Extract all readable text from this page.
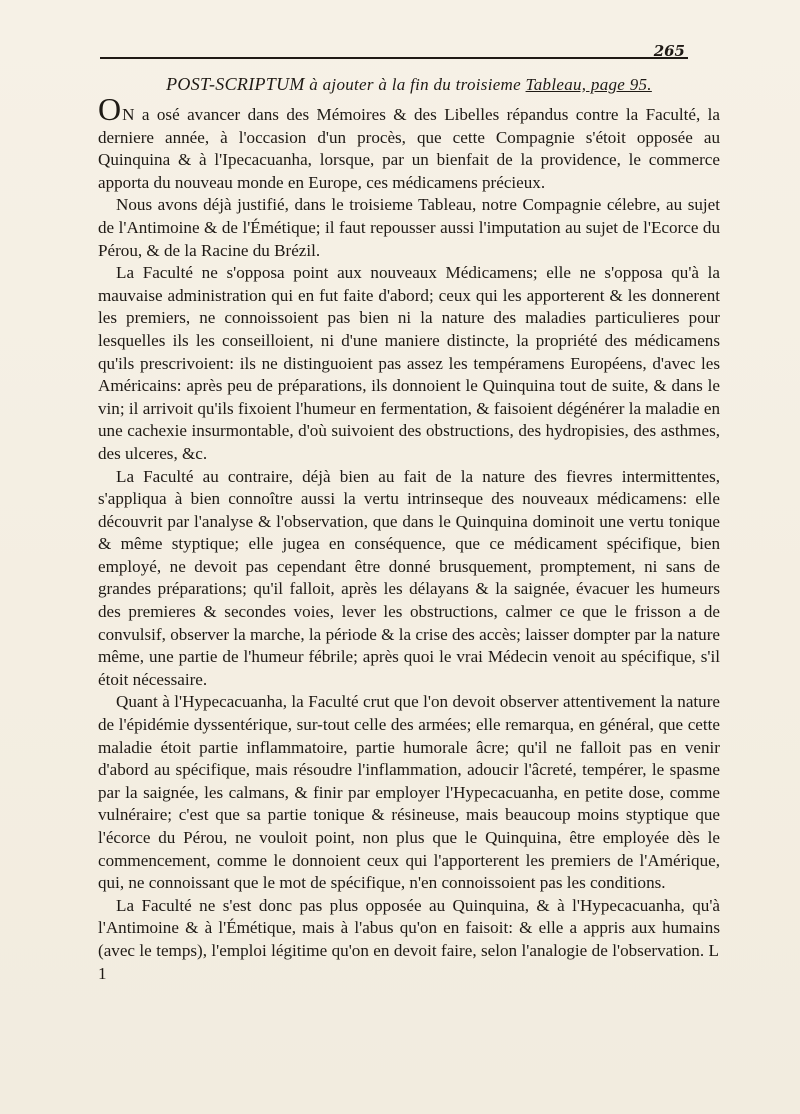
265
POST-SCRIPTUM à ajouter à la fin du troisieme Tableau, page 95.

ON a osé avancer dans des Mémoires & des Libelles répandus contre la Faculté, la derniere année, à l'occasion d'un procès, que cette Compagnie s'étoit opposée au Quinquina & à l'Ipecacuanha, lorsque, par un bienfait de la providence, le commerce apporta du nouveau monde en Europe, ces médicamens précieux.

Nous avons déjà justifié, dans le troisieme Tableau, notre Compagnie célebre, au sujet de l'Antimoine & de l'Émétique; il faut repousser aussi l'imputation au sujet de l'Ecorce du Pérou, & de la Racine du Brézil.

La Faculté ne s'opposa point aux nouveaux Médicamens; elle ne s'opposa qu'à la mauvaise administration qui en fut faite d'abord; ceux qui les apporterent & les donnerent les premiers, ne connoissoient pas bien ni la nature des maladies particulieres pour lesquelles ils les conseilloient, ni d'une maniere distincte, la propriété des médicamens qu'ils prescrivoient: ils ne distinguoient pas assez les tempéramens Européens, d'avec les Américains: après peu de préparations, ils donnoient le Quinquina tout de suite, & dans le vin; il arrivoit qu'ils fixoient l'humeur en fermentation, & faisoient dégénérer la maladie en une cachexie insurmontable, d'où suivoient des obstructions, des hydropisies, des asthmes, des ulceres, &c.

La Faculté au contraire, déjà bien au fait de la nature des fievres intermittentes, s'appliqua à bien connoître aussi la vertu intrinseque des nouveaux médicamens: elle découvrit par l'analyse & l'observation, que dans le Quinquina dominoit une vertu tonique & même styptique; elle jugea en conséquence, que ce médicament spécifique, bien employé, ne devoit pas cependant être donné brusquement, promptement, ni sans de grandes préparations; qu'il falloit, après les délayans & la saignée, évacuer les humeurs des premieres & secondes voies, lever les obstructions, calmer ce que le frisson a de convulsif, observer la marche, la période & la crise des accès; laisser dompter par la nature même, une partie de l'humeur fébrile; après quoi le vrai Médecin venoit au spécifique, s'il étoit nécessaire.

Quant à l'Hypecacuanha, la Faculté crut que l'on devoit observer attentivement la nature de l'épidémie dyssentérique, sur-tout celle des armées; elle remarqua, en général, que cette maladie étoit partie inflammatoire, partie humorale âcre; qu'il ne falloit pas en venir d'abord au spécifique, mais résoudre l'inflammation, adoucir l'âcreté, tempérer, le spasme par la saignée, les calmans, & finir par employer l'Hypecacuanha, en petite dose, comme vulnéraire; c'est que sa partie tonique & résineuse, mais beaucoup moins styptique que l'écorce du Pérou, ne vouloit point, non plus que le Quinquina, être employée dès le commencement, comme le donnoient ceux qui l'apporterent les premiers de l'Amérique, qui, ne connoissant que le mot de spécifique, n'en connoissoient pas les conditions.

La Faculté ne s'est donc pas plus opposée au Quinquina, & à l'Hypecacuanha, qu'à l'Antimoine & à l'Émétique, mais à l'abus qu'on en faisoit: & elle a appris aux humains (avec le temps), l'emploi légitime qu'on en devoit faire, selon l'analogie de l'observation. L 1
